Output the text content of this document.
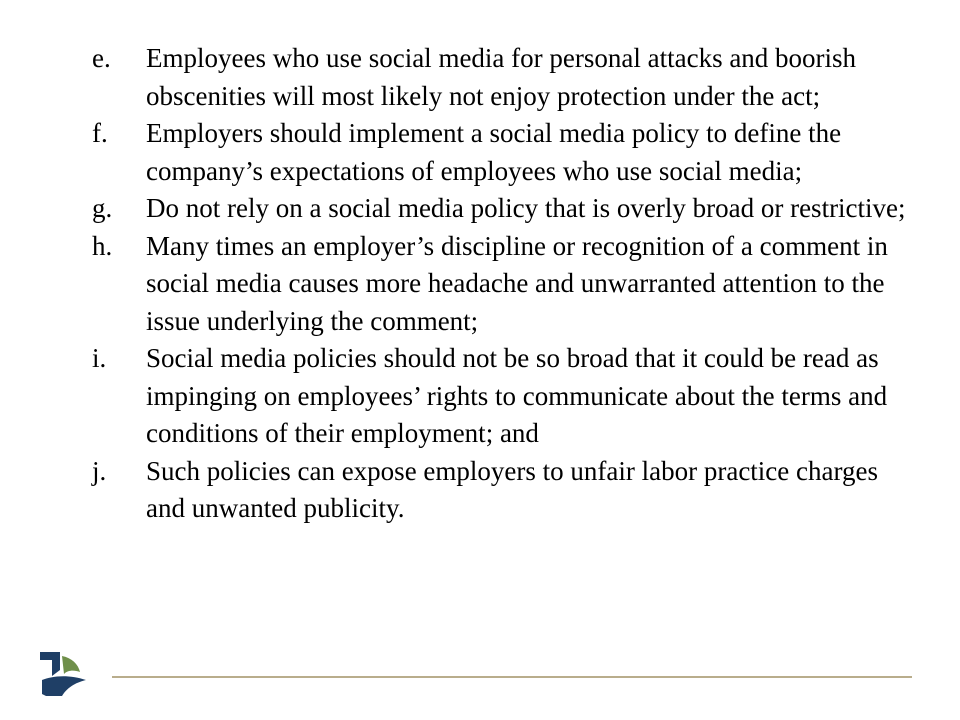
e.	Employees who use social media for personal attacks and boorish obscenities will most likely not enjoy protection under the act;
f.	Employers should implement a social media policy to define the company’s expectations of employees who use social media;
g.	Do not rely on a social media policy that is overly broad or restrictive;
h.	Many times an employer’s discipline or recognition of a comment in social media causes more headache and unwarranted attention to the issue underlying the comment;
i.	Social media policies should not be so broad that it could be read as impinging on employees’ rights to communicate about the terms and conditions of their employment; and
j.	Such policies can expose employers to unfair labor practice charges and unwanted publicity.
